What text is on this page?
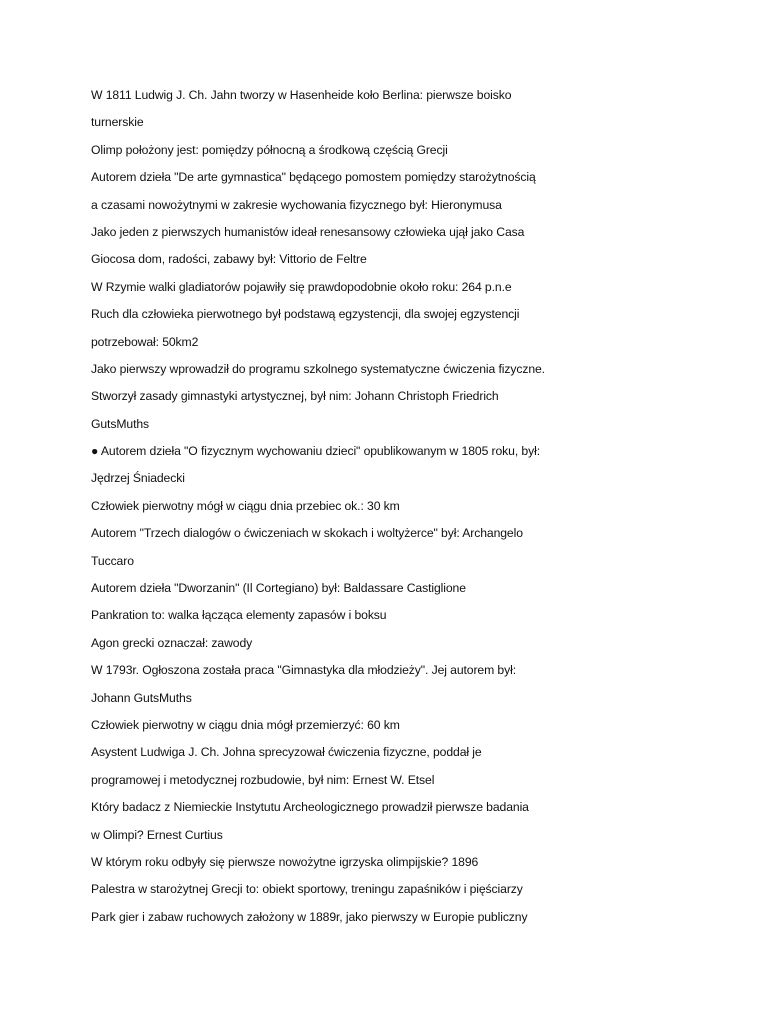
W 1811 Ludwig J. Ch. Jahn tworzy w Hasenheide koło Berlina: pierwsze boisko
turnerskie
Olimp położony jest: pomiędzy północną a środkową częścią Grecji
Autorem dzieła "De arte gymnastica" będącego pomostem pomiędzy starożytnością
a czasami nowożytnymi w zakresie wychowania fizycznego był: Hieronymusa
Jako jeden z pierwszych humanistów ideał renesansowy człowieka ujął jako Casa
Giocosa dom, radości, zabawy był: Vittorio de Feltre
W Rzymie walki gladiatorów pojawiły się prawdopodobnie około roku: 264 p.n.e
Ruch dla człowieka pierwotnego był podstawą egzystencji, dla swojej egzystencji
potrzebował: 50km2
Jako pierwszy wprowadził do programu szkolnego systematyczne ćwiczenia fizyczne.
Stworzył zasady gimnastyki artystycznej, był nim: Johann Christoph Friedrich
GutsMuths
● Autorem dzieła "O fizycznym wychowaniu dzieci" opublikowanym w 1805 roku, był:
Jędrzej Śniadecki
Człowiek pierwotny mógł w ciągu dnia przebiec ok.: 30 km
Autorem "Trzech dialogów o ćwiczeniach w skokach i woltyżerce" był: Archangelo
Tuccaro
Autorem dzieła "Dworzanin" (Il Cortegiano) był: Baldassare Castiglione
Pankration to: walka łącząca elementy zapasów i boksu
Agon grecki oznaczał: zawody
W 1793r. Ogłoszona została praca "Gimnastyka dla młodzieży". Jej autorem był:
Johann GutsMuths
Człowiek pierwotny w ciągu dnia mógł przemierzyć: 60 km
Asystent Ludwiga J. Ch. Johna sprecyzował ćwiczenia fizyczne, poddał je
programowej i metodycznej rozbudowie, był nim: Ernest W. Etsel
Który badacz z Niemieckie Instytutu Archeologicznego prowadził pierwsze badania
w Olimpi? Ernest Curtius
W którym roku odbyły się pierwsze nowożytne igrzyska olimpijskie? 1896
Palestra w starożytnej Grecji to: obiekt sportowy, treningu zapaśników i pięściarzy
Park gier i zabaw ruchowych założony w 1889r, jako pierwszy w Europie publiczny
